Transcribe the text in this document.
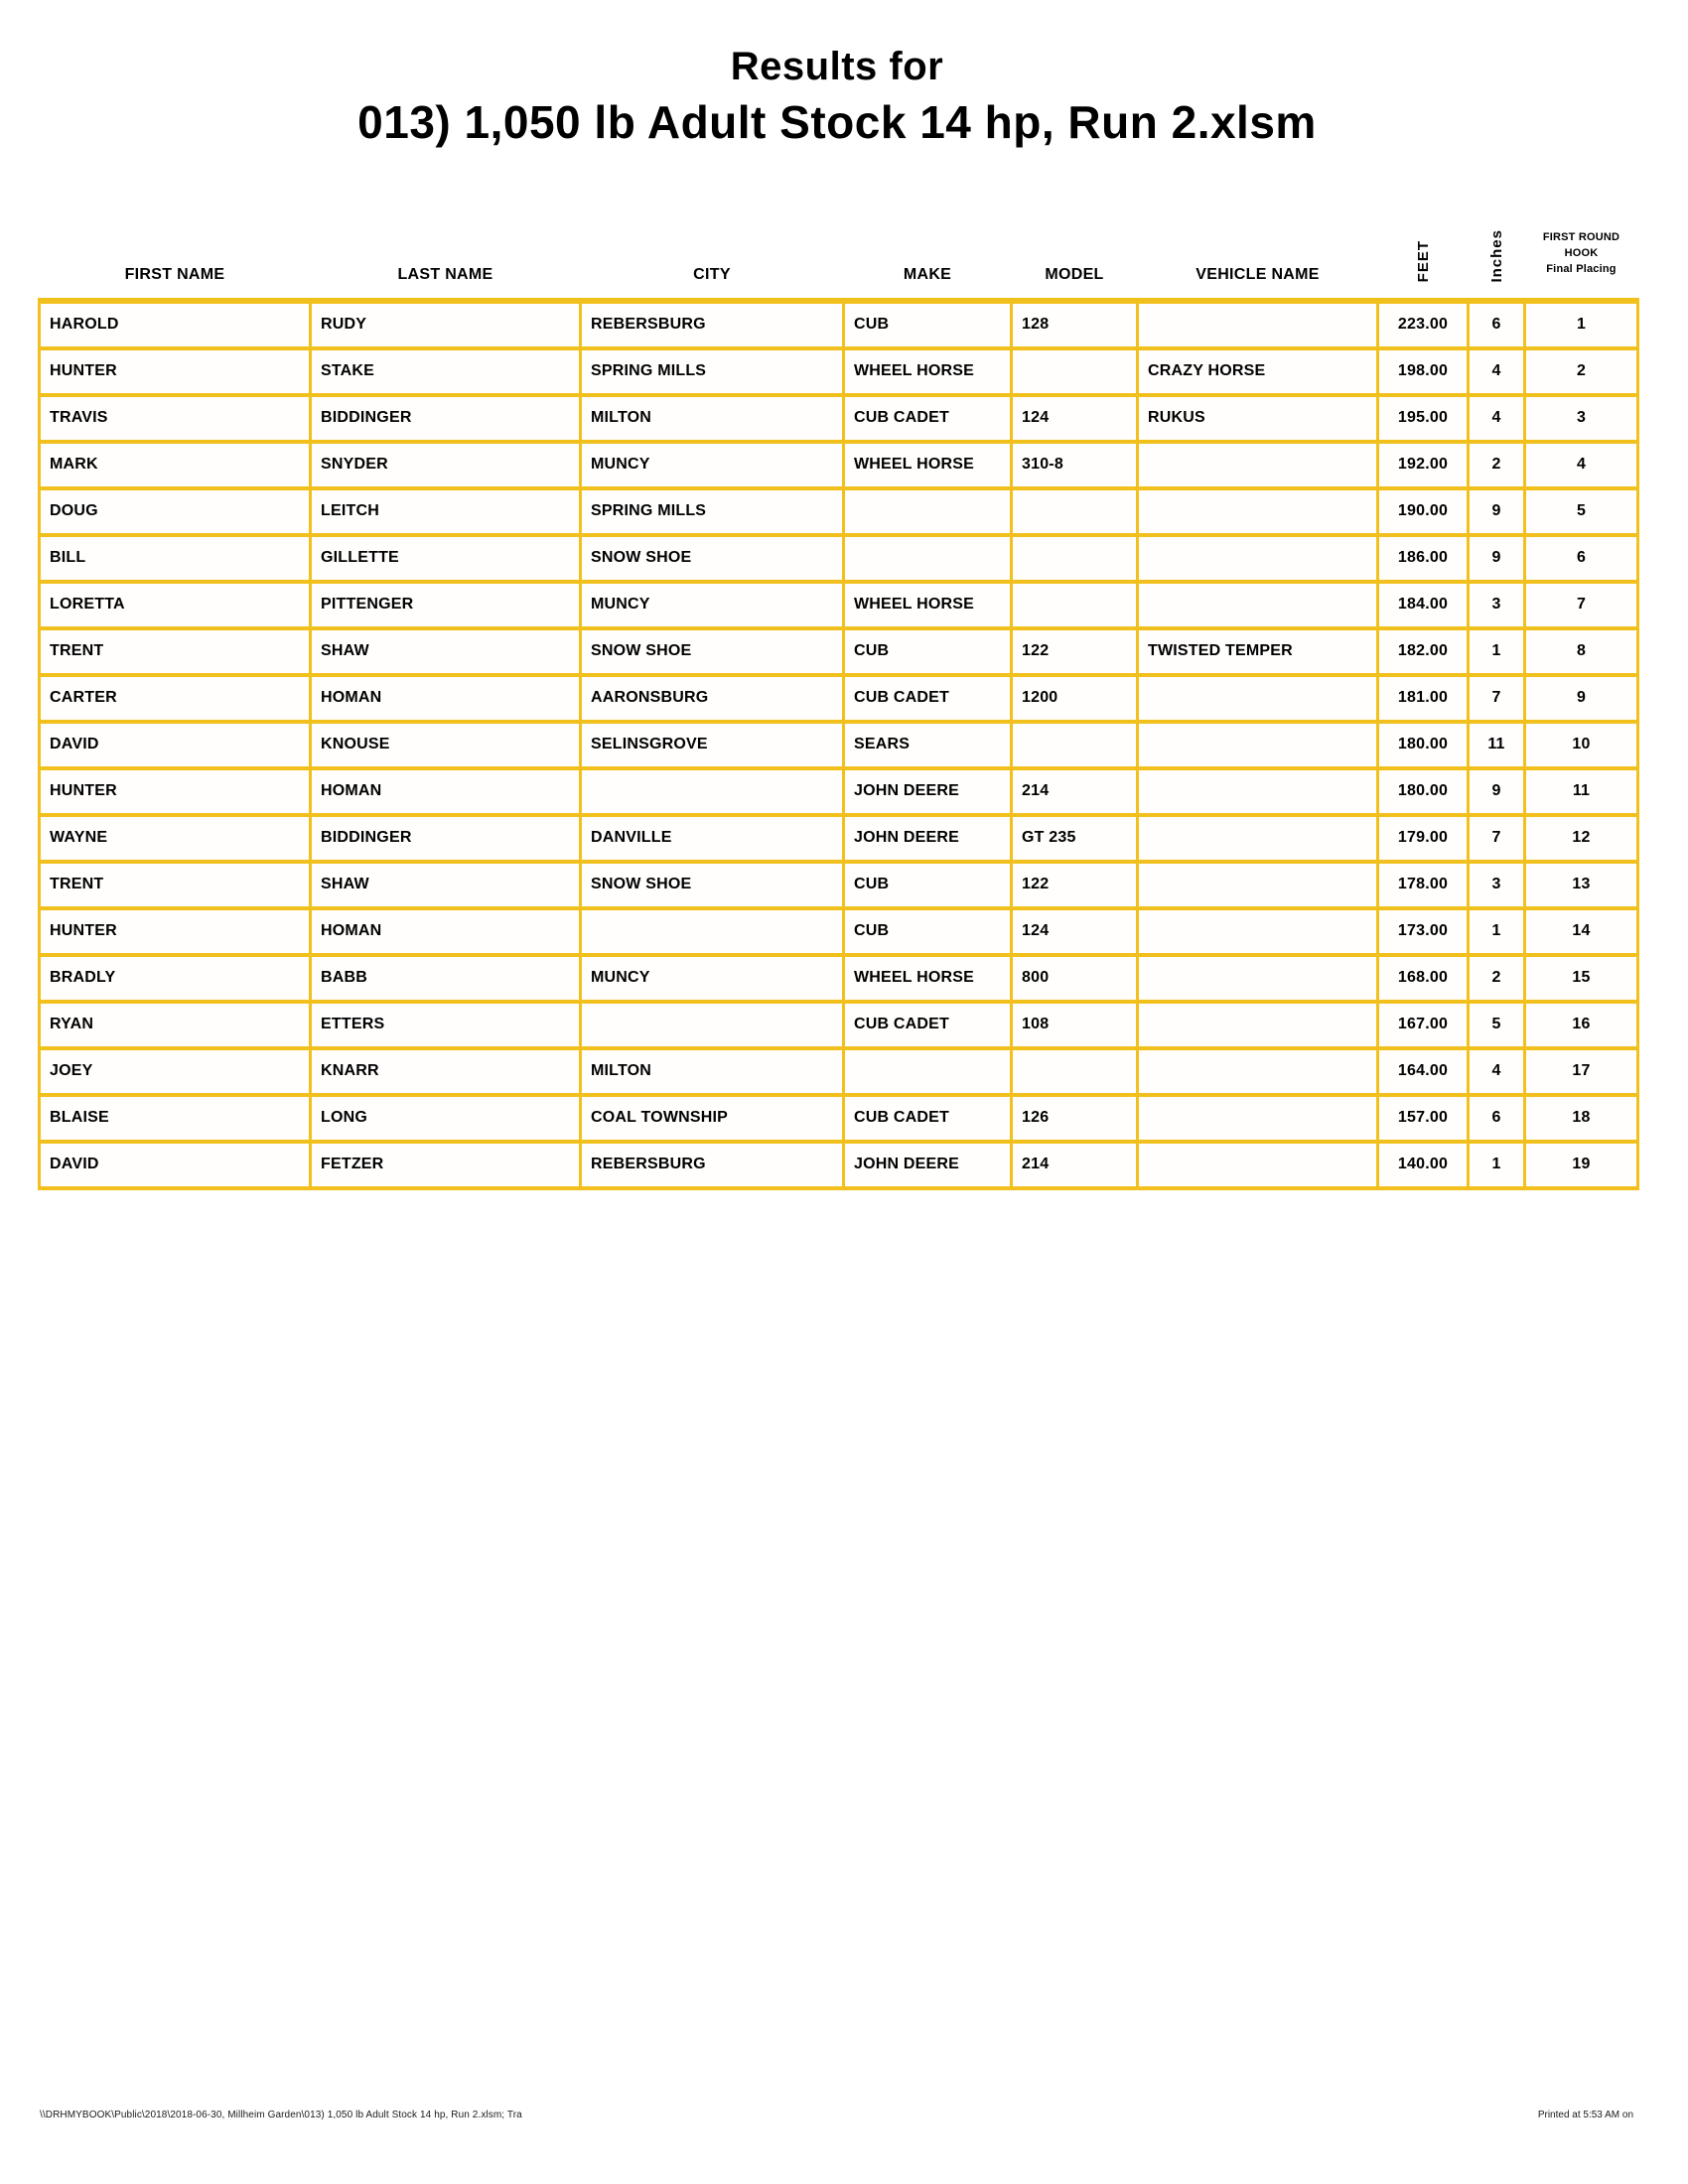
Results for
013) 1,050 lb Adult Stock 14 hp, Run 2.xlsm
FIRST NAME	LAST NAME	CITY	MAKE	MODEL	VEHICLE NAME	FEET	Inches	FIRST ROUND
HOOK
Final Placing

HAROLD	RUDY	REBERSBURG	CUB	128		223.00	6	1
HUNTER	STAKE	SPRING MILLS	WHEEL HORSE		CRAZY HORSE	198.00	4	2
TRAVIS	BIDDINGER	MILTON	CUB CADET	124	RUKUS	195.00	4	3
MARK	SNYDER	MUNCY	WHEEL HORSE	310-8		192.00	2	4
DOUG	LEITCH	SPRING MILLS				190.00	9	5
BILL	GILLETTE	SNOW SHOE				186.00	9	6
LORETTA	PITTENGER	MUNCY	WHEEL HORSE			184.00	3	7
TRENT	SHAW	SNOW SHOE	CUB	122	TWISTED TEMPER	182.00	1	8
CARTER	HOMAN	AARONSBURG	CUB CADET	1200		181.00	7	9
DAVID	KNOUSE	SELINSGROVE	SEARS			180.00	11	10
HUNTER	HOMAN		JOHN DEERE	214		180.00	9	11
WAYNE	BIDDINGER	DANVILLE	JOHN DEERE	GT 235		179.00	7	12
TRENT	SHAW	SNOW SHOE	CUB	122		178.00	3	13
HUNTER	HOMAN		CUB	124		173.00	1	14
BRADLY	BABB	MUNCY	WHEEL HORSE	800		168.00	2	15
RYAN	ETTERS		CUB CADET	108		167.00	5	16
JOEY	KNARR	MILTON				164.00	4	17
BLAISE	LONG	COAL TOWNSHIP	CUB CADET	126		157.00	6	18
DAVID	FETZER	REBERSBURG	JOHN DEERE	214		140.00	1	19
\\DRHMYBOOK\Public\2018\2018-06-30, Millheim Garden\013) 1,050 lb Adult Stock 14 hp, Run 2.xlsm; Tra	Printed at 5:53 AM on
